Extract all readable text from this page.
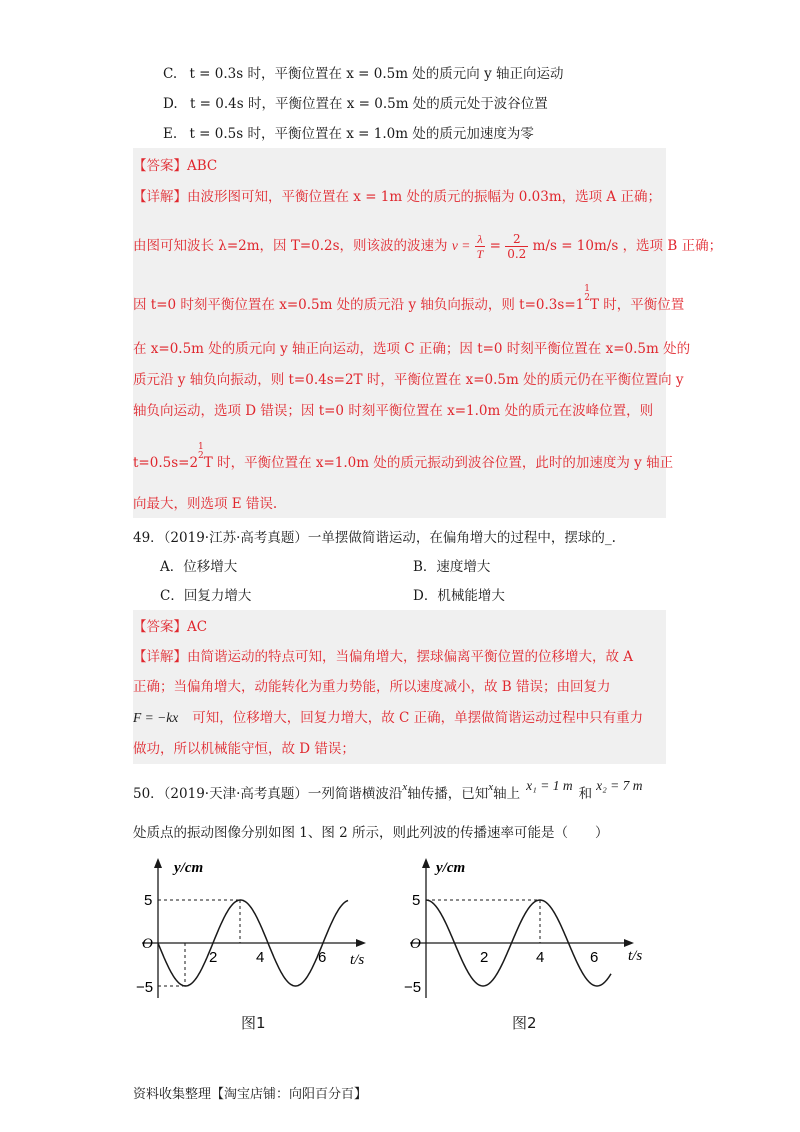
C. t = 0.3s 时，平衡位置在 x = 0.5m 处的质元向 y 轴正向运动
D. t = 0.4s 时，平衡位置在 x = 0.5m 处的质元处于波谷位置
E. t = 0.5s 时，平衡位置在 x = 1.0m 处的质元加速度为零
【答案】ABC
【详解】由波形图可知，平衡位置在 x = 1m 处的质元的振幅为 0.03m，选项 A 正确；
由图可知波长 λ=2m，因 T=0.2s，则该波的波速为 $v = \frac{\lambda}{T} = \frac{2}{0.2} m/s = 10m/s$ ，选项 B 正确；
因 t=0 时刻平衡位置在 x=0.5m 处的质元沿 y 轴负向振动，则 t=0.3s=11
2T 时，平衡位置
在 x=0.5m 处的质元向 y 轴正向运动，选项 C 正确；因 t=0 时刻平衡位置在 x=0.5m 处的
质元沿 y 轴负向振动，则 t=0.4s=2T 时，平衡位置在 x=0.5m 处的质元仍在平衡位置向 y
轴负向运动，选项 D 错误；因 t=0 时刻平衡位置在 x=1.0m 处的质元在波峰位置，则
t=0.5s=21
2T 时，平衡位置在 x=1.0m 处的质元振动到波谷位置，此时的加速度为 y 轴正
向最大，则选项 E 错误.
49．（2019·江苏·高考真题）一单摆做简谐运动，在偏角增大的过程中，摆球的_.
A．位移增大	B．速度增大
C．回复力增大	D．机械能增大
【答案】AC
【详解】由简谐运动的特点可知，当偏角增大，摆球偏离平衡位置的位移增大，故 A
正确；当偏角增大，动能转化为重力势能，所以速度减小，故 B 错误；由回复力
F = −kx 可知，位移增大，回复力增大，故 C 正确，单摆做简谐运动过程中只有重力
做功，所以机械能守恒，故 D 错误；
50．（2019·天津·高考真题）一列简谐横波沿$^x$轴传播，已知$^x$轴上x₁ = 1 m和x₂ = 7 m
处质点的振动图像分别如图 1、图 2 所示，则此列波的传播速率可能是（　　）
y/cm
O
5
−5
2	4	6 t/s
图1
y/cm
O
5
−5
2	4	6 t/s
图2
资料收集整理【淘宝店铺：向阳百分百】
